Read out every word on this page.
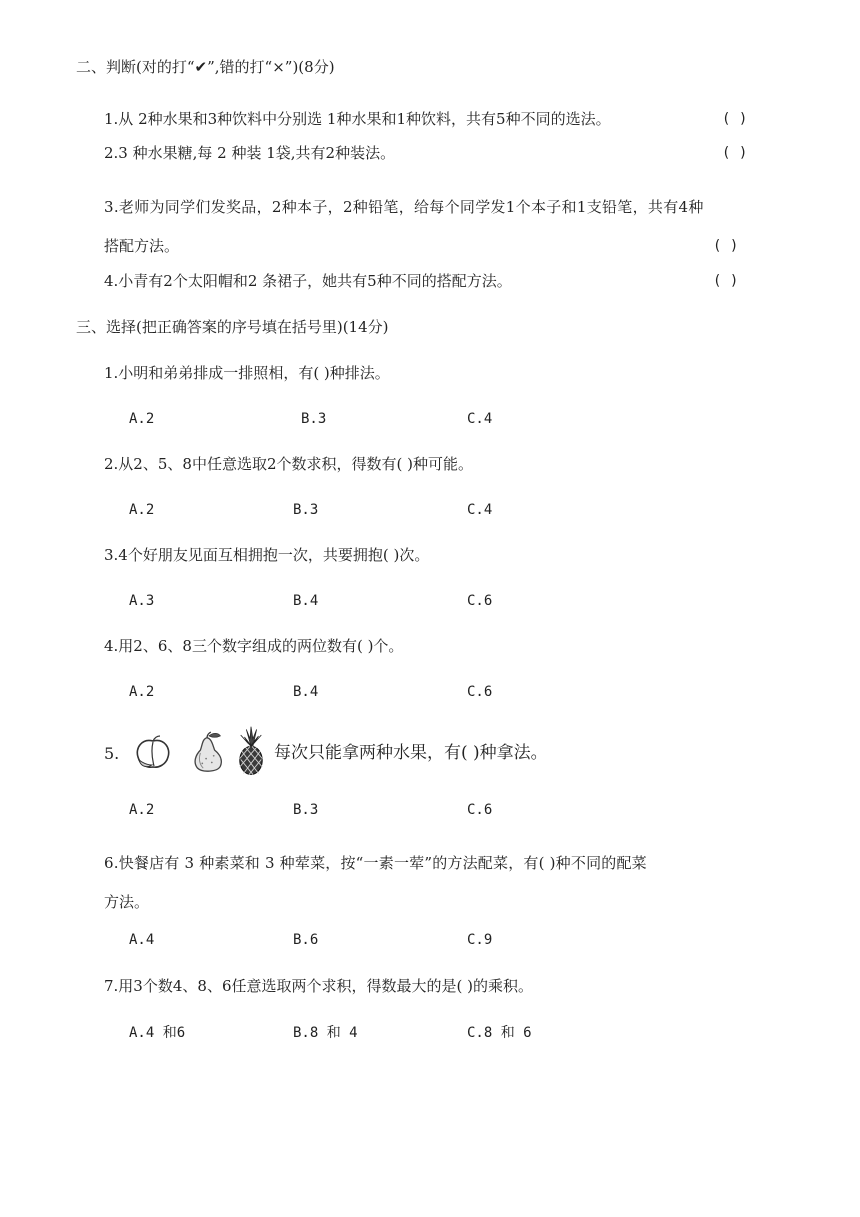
二、判断(对的打“✔”,错的打“×”)(8分)
1.从 2种水果和3种饮料中分别选 1种水果和1种饮料，共有5种不同的选法。	( )
2.3 种水果糖,每 2 种装 1袋,共有2种装法。	( )
3.老师为同学们发奖品，2种本子，2种铅笔，给每个同学发1个本子和1支铅笔，共有4种
搭配方法。	( )
4.小青有2个太阳帽和2 条裙子，她共有5种不同的搭配方法。	( )
三、选择(把正确答案的序号填在括号里)(14分)
1.小明和弟弟排成一排照相，有( )种排法。
A.2	B.3	C.4
2.从2、5、8中任意选取2个数求积，得数有( )种可能。
A.2	B.3	C.4
3.4个好朋友见面互相拥抱一次，共要拥抱( )次。
A.3	B.4	C.6
4.用2、6、8三个数字组成的两位数有( )个。
A.2	B.4	C.6
5.	每次只能拿两种水果，有( )种拿法。
A.2	B.3	C.6
6.快餐店有 3 种素菜和 3 种荤菜，按“一素一荤”的方法配菜，有( )种不同的配菜
方法。
A.4	B.6	C.9
7.用3个数4、8、6任意选取两个求积，得数最大的是( )的乘积。
A.4 和6	B.8 和 4	C.8 和 6
